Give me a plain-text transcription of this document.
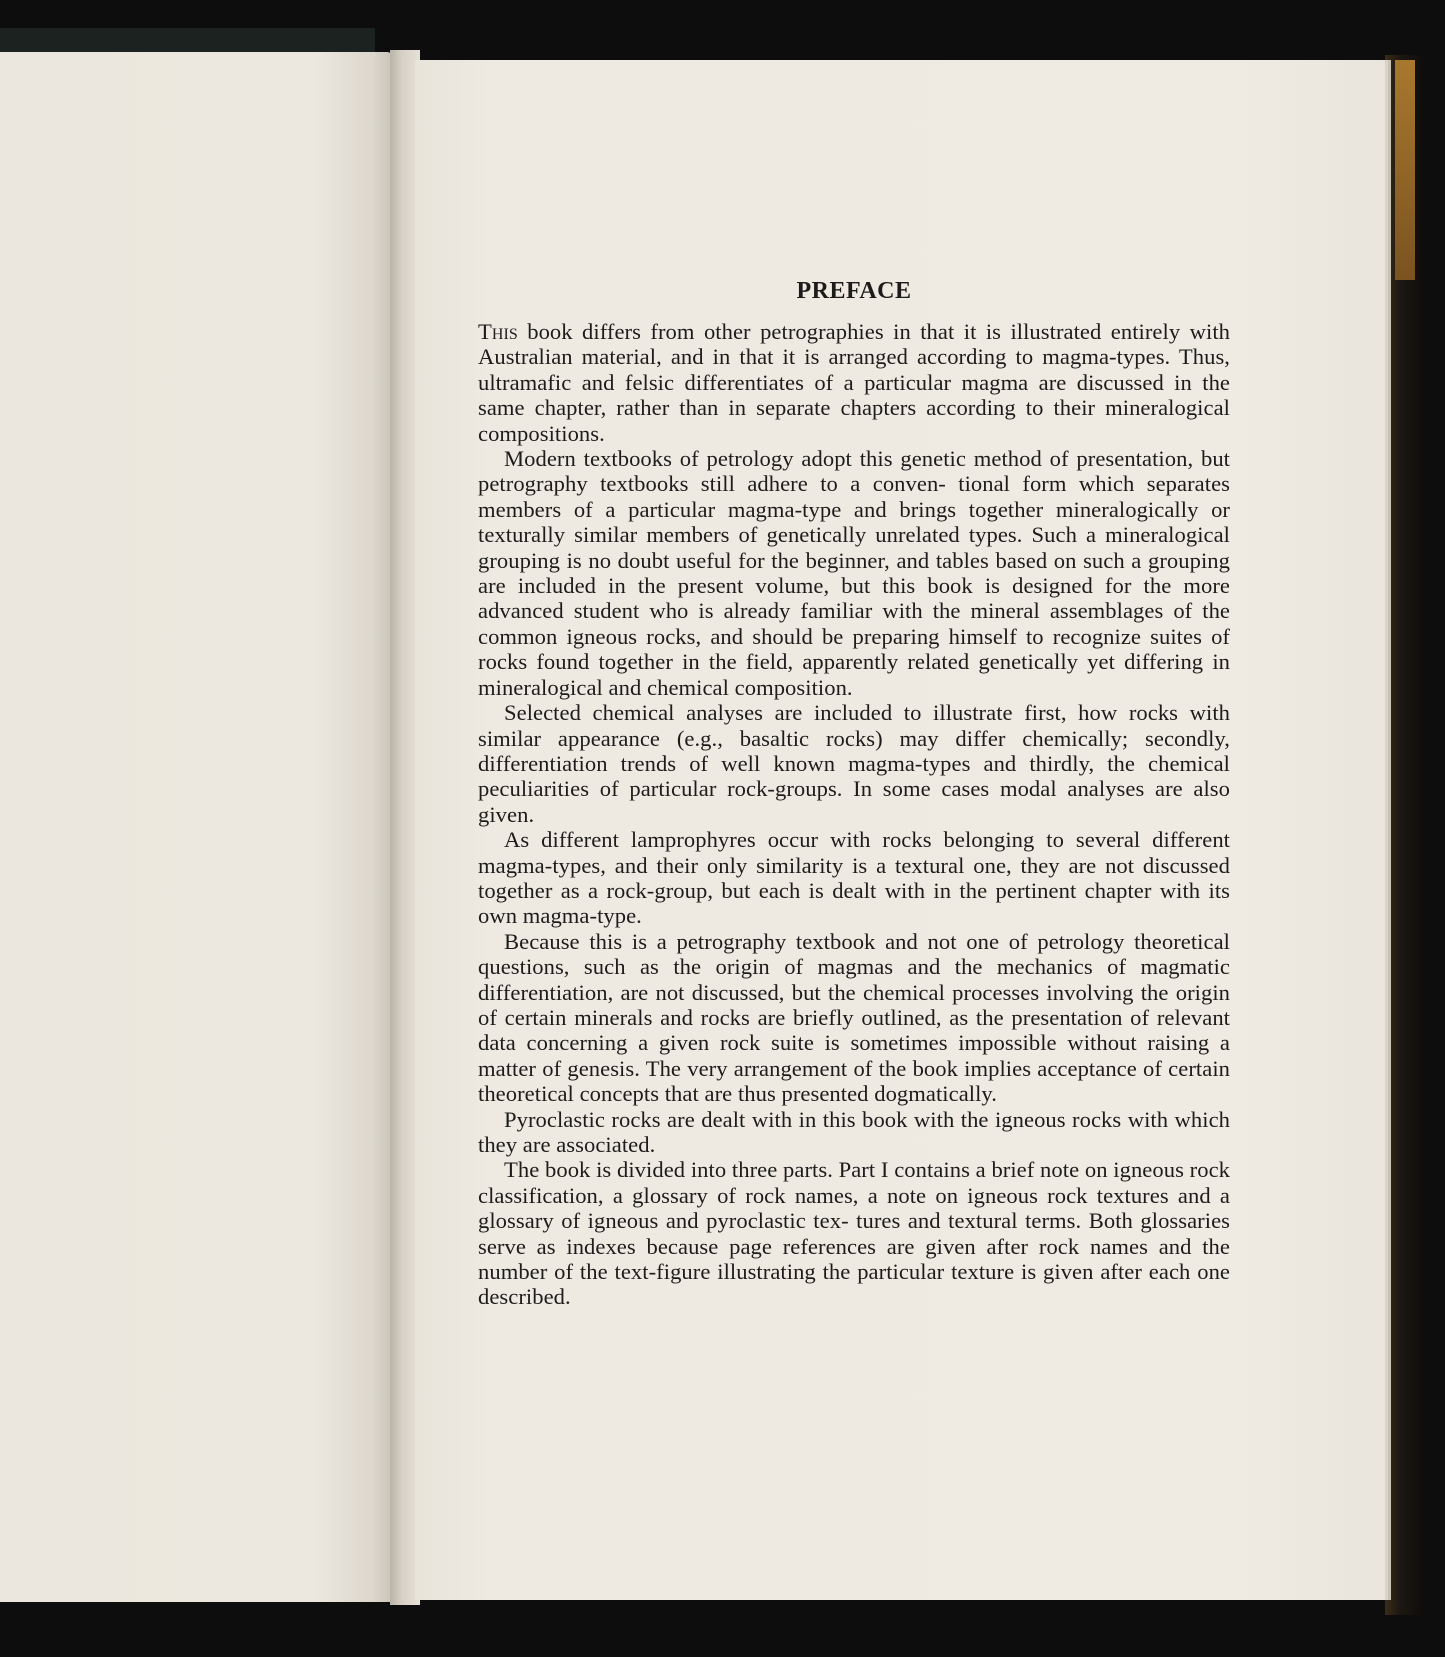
PREFACE

This book differs from other petrographies in that it is illustrated entirely with Australian material, and in that it is arranged according to magma-types. Thus, ultramafic and felsic differentiates of a particular magma are discussed in the same chapter, rather than in separate chapters according to their mineralogical compositions.

Modern textbooks of petrology adopt this genetic method of presentation, but petrography textbooks still adhere to a conven- tional form which separates members of a particular magma-type and brings together mineralogically or texturally similar members of genetically unrelated types. Such a mineralogical grouping is no doubt useful for the beginner, and tables based on such a grouping are included in the present volume, but this book is designed for the more advanced student who is already familiar with the mineral assemblages of the common igneous rocks, and should be preparing himself to recognize suites of rocks found together in the field, apparently related genetically yet differing in mineralogical and chemical composition.

Selected chemical analyses are included to illustrate first, how rocks with similar appearance (e.g., basaltic rocks) may differ chemically; secondly, differentiation trends of well known magma-types and thirdly, the chemical peculiarities of particular rock-groups. In some cases modal analyses are also given.

As different lamprophyres occur with rocks belonging to several different magma-types, and their only similarity is a textural one, they are not discussed together as a rock-group, but each is dealt with in the pertinent chapter with its own magma-type.

Because this is a petrography textbook and not one of petrology theoretical questions, such as the origin of magmas and the mechanics of magmatic differentiation, are not discussed, but the chemical processes involving the origin of certain minerals and rocks are briefly outlined, as the presentation of relevant data concerning a given rock suite is sometimes impossible without raising a matter of genesis. The very arrangement of the book implies acceptance of certain theoretical concepts that are thus presented dogmatically.

Pyroclastic rocks are dealt with in this book with the igneous rocks with which they are associated.

The book is divided into three parts. Part I contains a brief note on igneous rock classification, a glossary of rock names, a note on igneous rock textures and a glossary of igneous and pyroclastic tex- tures and textural terms. Both glossaries serve as indexes because page references are given after rock names and the number of the text-figure illustrating the particular texture is given after each one described.
